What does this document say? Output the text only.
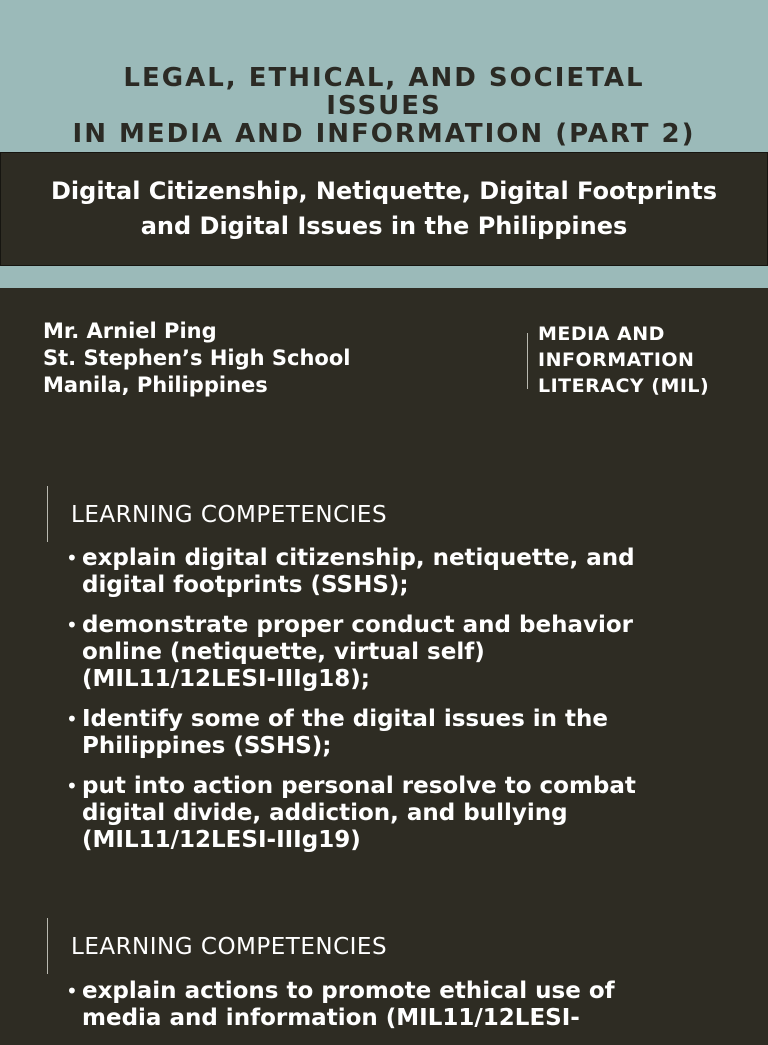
LEGAL, ETHICAL, AND SOCIETAL
ISSUES
IN MEDIA AND INFORMATION (PART 2)
Digital Citizenship, Netiquette, Digital Footprints
and Digital Issues in the Philippines
Mr. Arniel Ping
St. Stephen’s High School
Manila, Philippines
MEDIA AND
INFORMATION
LITERACY (MIL)
LEARNING COMPETENCIES
• explain digital citizenship, netiquette, and
digital footprints (SSHS);
• demonstrate proper conduct and behavior
online (netiquette, virtual self)
(MIL11/12LESI-IIIg18);
• Identify some of the digital issues in the
Philippines (SSHS);
• put into action personal resolve to combat
digital divide, addiction, and bullying
(MIL11/12LESI-IIIg19)
LEARNING COMPETENCIES
• explain actions to promote ethical use of
media and information (MIL11/12LESI-
